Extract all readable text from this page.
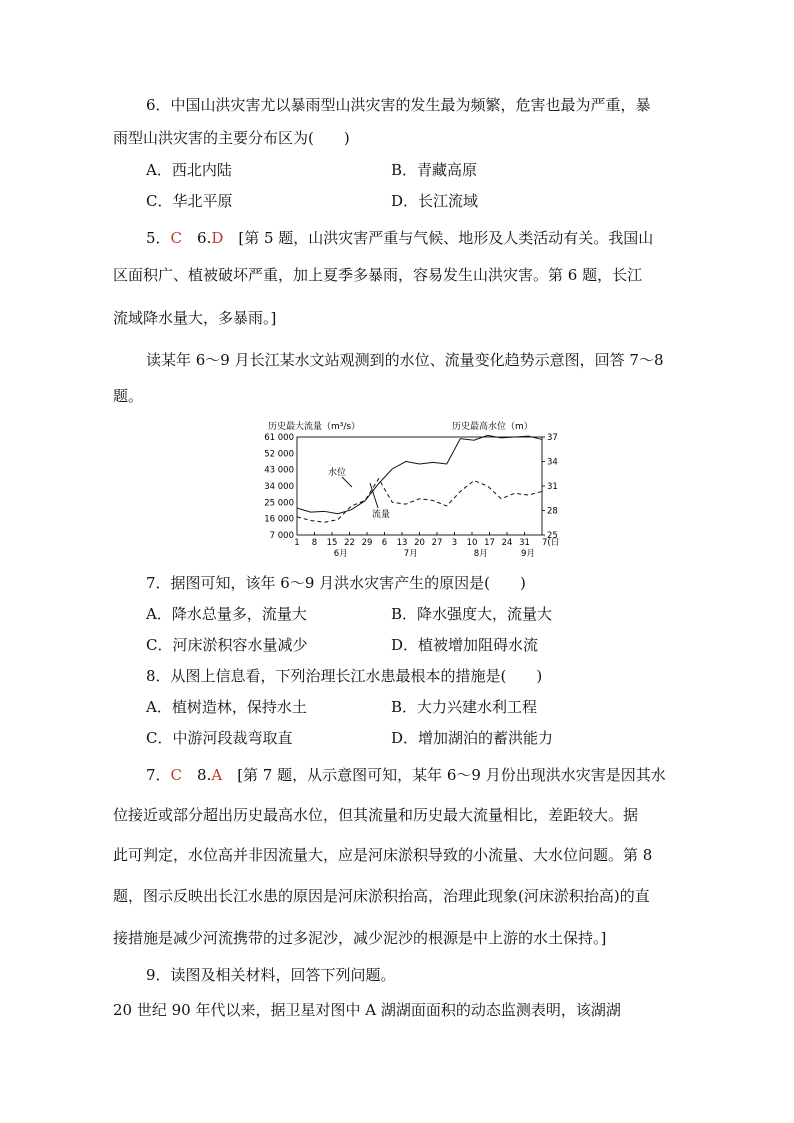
6．中国山洪灾害尤以暴雨型山洪灾害的发生最为频繁，危害也最为严重，暴
雨型山洪灾害的主要分布区为(　　)
A．西北内陆	B．青藏高原
C．华北平原	D．长江流域
5．C　6.D　[第 5 题，山洪灾害严重与气候、地形及人类活动有关。我国山
区面积广、植被破坏严重，加上夏季多暴雨，容易发生山洪灾害。第 6 题，长江
流域降水量大，多暴雨。]
读某年 6～9 月长江某水文站观测到的水位、流量变化趋势示意图，回答 7～8
题。
历史最大流量（m³/s）	历史最高水位（m）
61 000
52 000
43 000
34 000
25 000
16 000
7 000
37
34
31
28
25
1 8 15 22 29 6 13 20 27 3 10 17 24 31 7(日
6月	7月	8月	9月
水位
流量
7．据图可知，该年 6～9 月洪水灾害产生的原因是(　　)
A．降水总量多，流量大	B．降水强度大，流量大
C．河床淤积容水量减少	D．植被增加阻碍水流
8．从图上信息看，下列治理长江水患最根本的措施是(　　)
A．植树造林，保持水土	B．大力兴建水利工程
C．中游河段裁弯取直	D．增加湖泊的蓄洪能力
7．C　8.A　[第 7 题，从示意图可知，某年 6～9 月份出现洪水灾害是因其水
位接近或部分超出历史最高水位，但其流量和历史最大流量相比，差距较大。据
此可判定，水位高并非因流量大，应是河床淤积导致的小流量、大水位问题。第 8
题，图示反映出长江水患的原因是河床淤积抬高，治理此现象(河床淤积抬高)的直
接措施是减少河流携带的过多泥沙，减少泥沙的根源是中上游的水土保持。]
9．读图及相关材料，回答下列问题。
20 世纪 90 年代以来，据卫星对图中 A 湖湖面面积的动态监测表明，该湖湖
